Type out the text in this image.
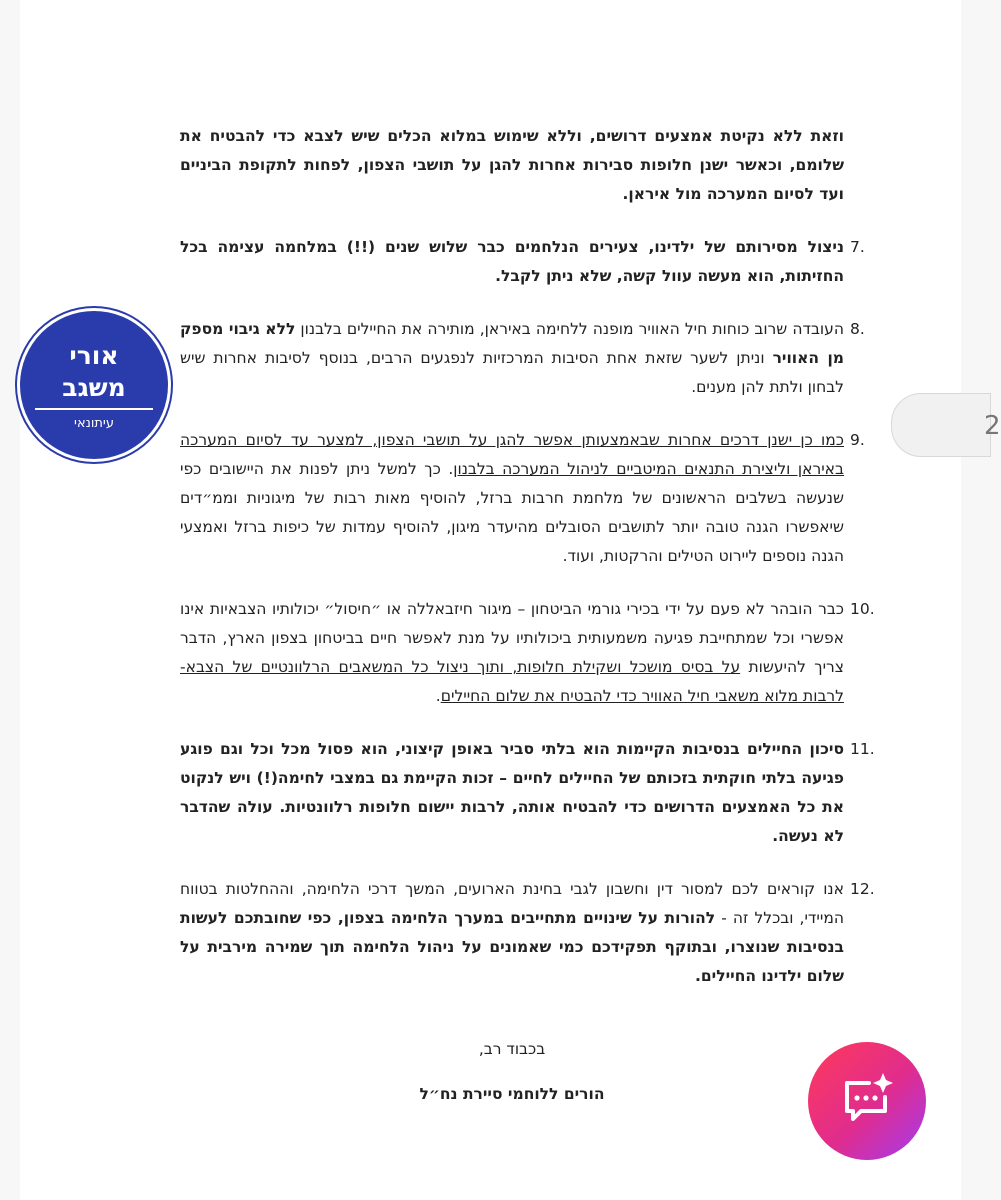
וזאת ללא נקיטת אמצעים דרושים, וללא שימוש במלוא הכלים שיש לצבא כדי להבטיח את שלומם, וכאשר ישנן חלופות סבירות אחרות להגן על תושבי הצפון, לפחות לתקופת הביניים ועד לסיום המערכה מול איראן.

7.
ניצול מסירותם של ילדינו, צעירים הנלחמים כבר שלוש שנים (!!) במלחמה עצימה בכל החזיתות, הוא מעשה עוול קשה, שלא ניתן לקבל.
8.
העובדה שרוב כוחות חיל האוויר מופנה ללחימה באיראן, מותירה את החיילים בלבנון ללא גיבוי מספק מן האוויר וניתן לשער שזאת אחת הסיבות המרכזיות לנפגעים הרבים, בנוסף לסיבות אחרות שיש לבחון ולתת להן מענים.
9.
כמו כן ישנן דרכים אחרות שבאמצעותן אפשר להגן על תושבי הצפון, למצער עד לסיום המערכה באיראן וליצירת התנאים המיטביים לניהול המערכה בלבנון. כך למשל ניתן לפנות את היישובים כפי שנעשה בשלבים הראשונים של מלחמת חרבות ברזל, להוסיף מאות רבות של מיגוניות וממ״דים שיאפשרו הגנה טובה יותר לתושבים הסובלים מהיעדר מיגון, להוסיף עמדות של כיפות ברזל ואמצעי הגנה נוספים ליירוט הטילים והרקטות, ועוד.
10.
כבר הובהר לא פעם על ידי בכירי גורמי הביטחון – מיגור חיזבאללה או ״חיסול״ יכולותיו הצבאיות אינו אפשרי וכל שמתחייבת פגיעה משמעותית ביכולותיו על מנת לאפשר חיים בביטחון בצפון הארץ, הדבר צריך להיעשות על בסיס מושכל ושקילת חלופות, ותוך ניצול כל המשאבים הרלוונטיים של הצבא- לרבות מלוא משאבי חיל האוויר כדי להבטיח את שלום החיילים.
11.
סיכון החיילים בנסיבות הקיימות הוא בלתי סביר באופן קיצוני, הוא פסול מכל וכל וגם פוגע פגיעה בלתי חוקתית בזכותם של החיילים לחיים – זכות הקיימת גם במצבי לחימה(!) ויש לנקוט את כל האמצעים הדרושים כדי להבטיח אותה, לרבות יישום חלופות רלוונטיות. עולה שהדבר לא נעשה.
12.
אנו קוראים לכם למסור דין וחשבון לגבי בחינת הארועים, המשך דרכי הלחימה, וההחלטות בטווח המיידי, ובכלל זה - להורות על שינויים מתחייבים במערך הלחימה בצפון, כפי שחובתכם לעשות בנסיבות שנוצרו, ובתוקף תפקידכם כמי שאמונים על ניהול הלחימה תוך שמירה מירבית על שלום ילדינו החיילים.
בכבוד רב,
הורים ללוחמי סיירת נח״ל
אורי משגב
עיתונאי	2
